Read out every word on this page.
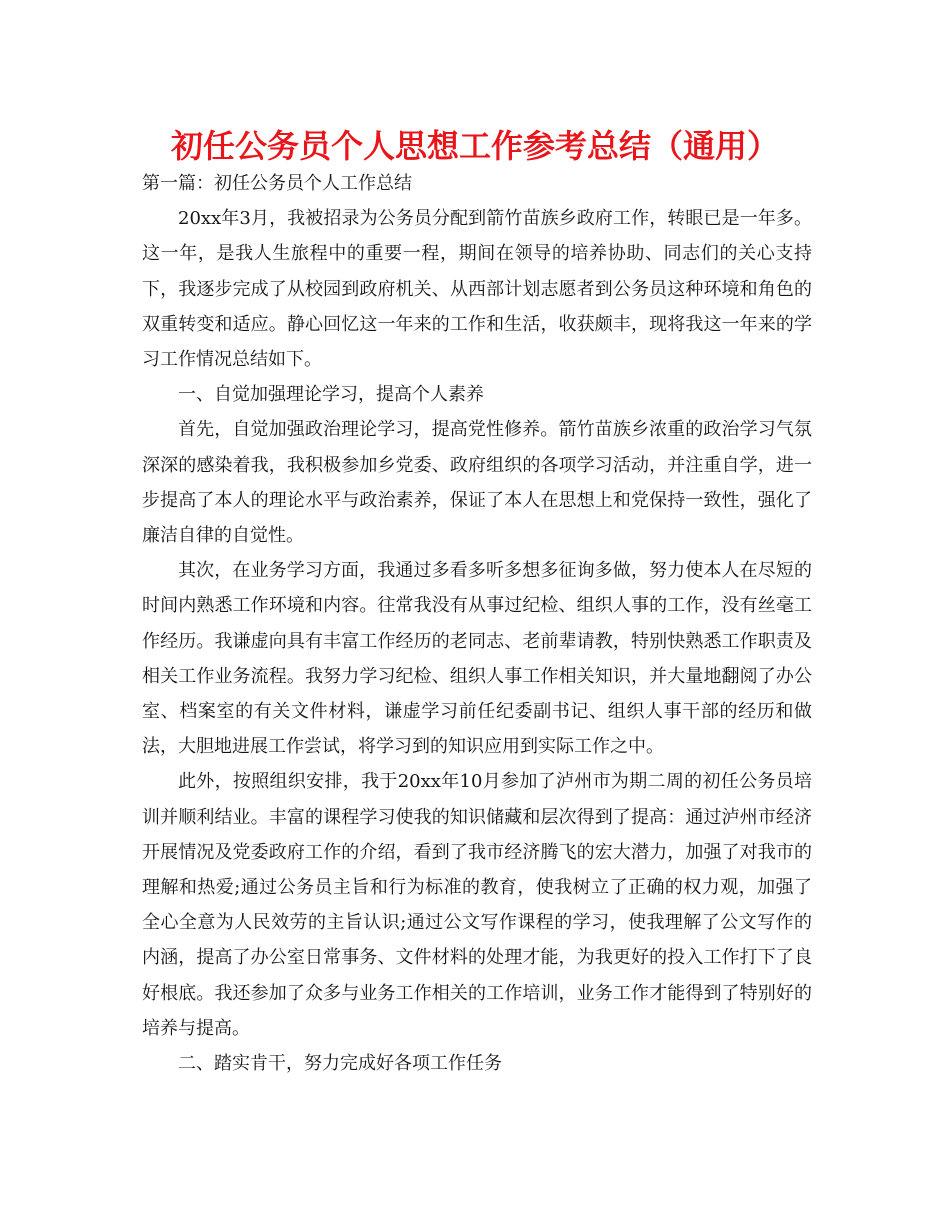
初任公务员个人思想工作参考总结（通用）

第一篇：初任公务员个人工作总结

20xx年3月，我被招录为公务员分配到箭竹苗族乡政府工作，转眼已是一年多。这一年，是我人生旅程中的重要一程，期间在领导的培养协助、同志们的关心支持下，我逐步完成了从校园到政府机关、从西部计划志愿者到公务员这种环境和角色的双重转变和适应。静心回忆这一年来的工作和生活，收获颇丰，现将我这一年来的学习工作情况总结如下。

一、自觉加强理论学习，提高个人素养

首先，自觉加强政治理论学习，提高党性修养。箭竹苗族乡浓重的政治学习气氛深深的感染着我，我积极参加乡党委、政府组织的各项学习活动，并注重自学，进一步提高了本人的理论水平与政治素养，保证了本人在思想上和党保持一致性，强化了廉洁自律的自觉性。

其次，在业务学习方面，我通过多看多听多想多征询多做，努力使本人在尽短的时间内熟悉工作环境和内容。往常我没有从事过纪检、组织人事的工作，没有丝毫工作经历。我谦虚向具有丰富工作经历的老同志、老前辈请教，特别快熟悉工作职责及相关工作业务流程。我努力学习纪检、组织人事工作相关知识，并大量地翻阅了办公室、档案室的有关文件材料，谦虚学习前任纪委副书记、组织人事干部的经历和做法，大胆地进展工作尝试，将学习到的知识应用到实际工作之中。

此外，按照组织安排，我于20xx年10月参加了泸州市为期二周的初任公务员培训并顺利结业。丰富的课程学习使我的知识储藏和层次得到了提高：通过泸州市经济开展情况及党委政府工作的介绍，看到了我市经济腾飞的宏大潜力，加强了对我市的理解和热爱;通过公务员主旨和行为标准的教育，使我树立了正确的权力观，加强了全心全意为人民效劳的主旨认识;通过公文写作课程的学习，使我理解了公文写作的内涵，提高了办公室日常事务、文件材料的处理才能，为我更好的投入工作打下了良好根底。我还参加了众多与业务工作相关的工作培训，业务工作才能得到了特别好的培养与提高。

二、踏实肯干，努力完成好各项工作任务
